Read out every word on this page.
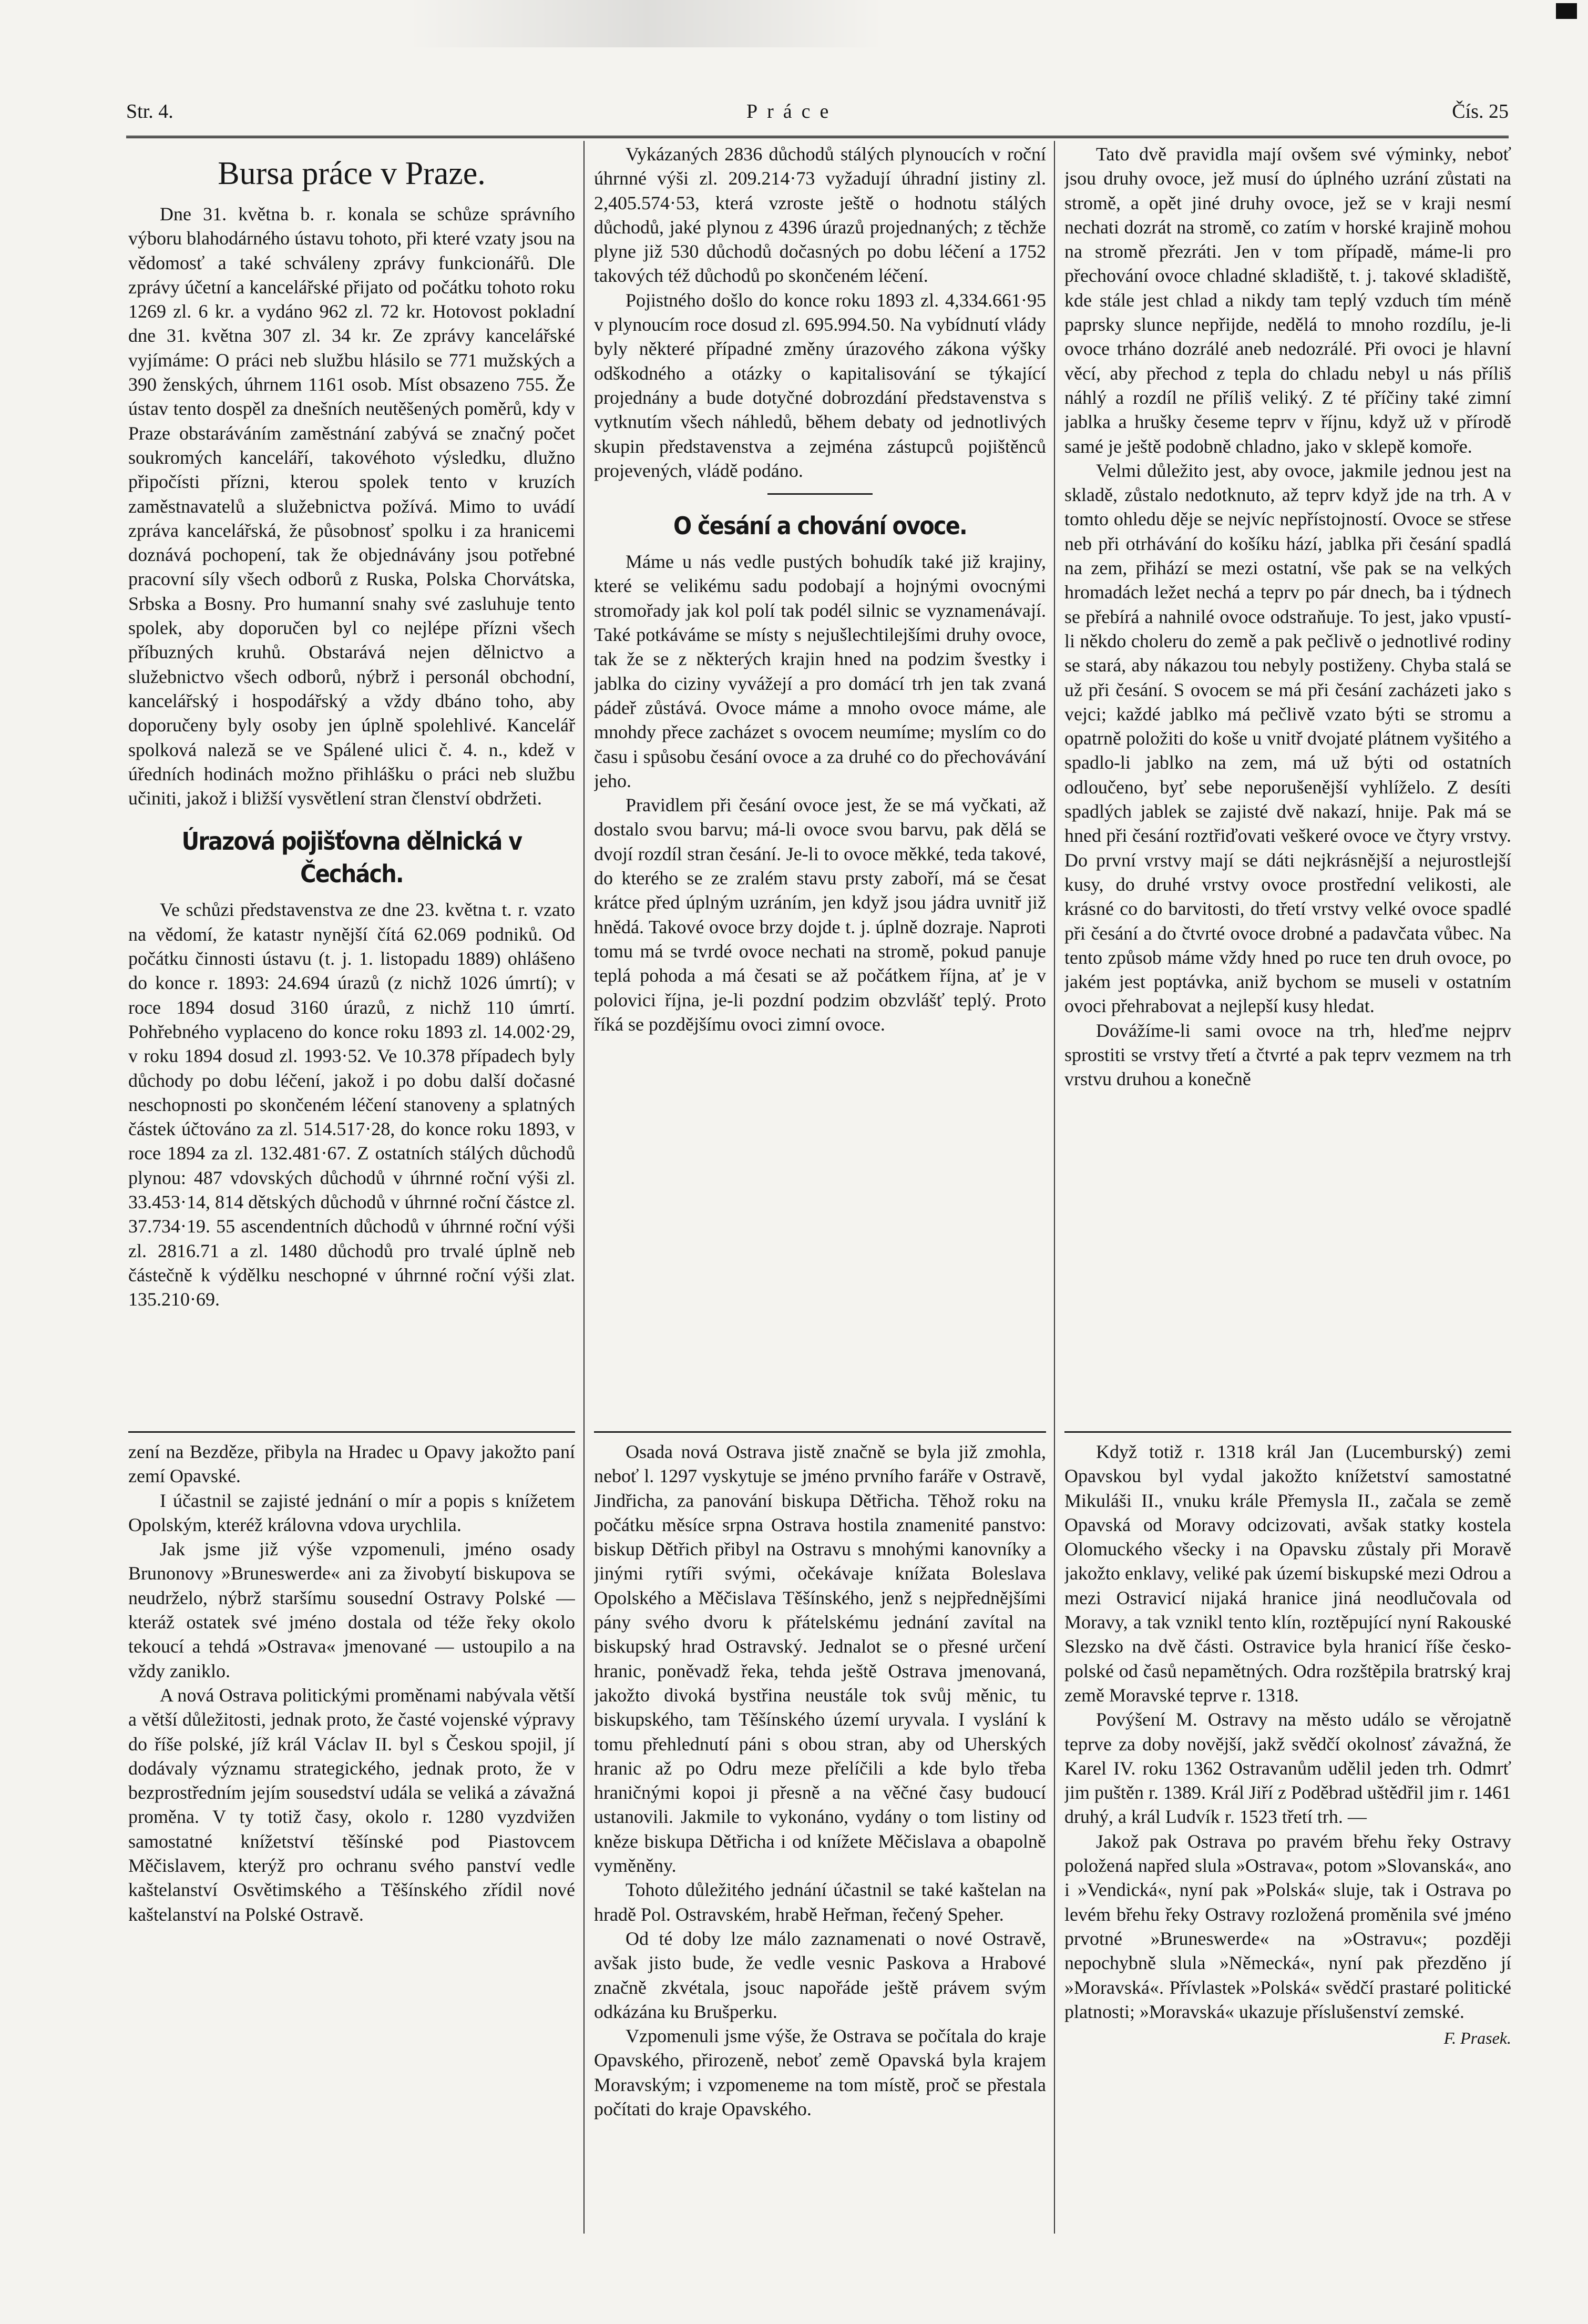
Str. 4.	Práce	Čís. 25
Bursa práce v Praze.

Dne 31. května b. r. konala se schůze správního výboru blahodárného ústavu tohoto, při které vzaty jsou na vědomosť a také schváleny zprávy funkcionářů. Dle zprávy účetní a kancelářské přijato od počátku tohoto roku 1269 zl. 6 kr. a vydáno 962 zl. 72 kr. Hotovost pokladní dne 31. května 307 zl. 34 kr. Ze zprávy kancelářské vyjímáme: O práci neb službu hlásilo se 771 mužských a 390 ženských, úhrnem 1161 osob. Míst obsazeno 755. Že ústav tento dospěl za dnešních neutěšených poměrů, kdy v Praze obstaráváním zaměstnání zabývá se značný počet soukromých kanceláří, takovéhoto výsledku, dlužno připočísti přízni, kterou spolek tento v kruzích zaměstnavatelů a služebnictva požívá. Mimo to uvádí zpráva kancelářská, že působnosť spolku i za hranicemi doznává pochopení, tak že objednávány jsou potřebné pracovní síly všech odborů z Ruska, Polska Chorvátska, Srbska a Bosny. Pro humanní snahy své zasluhuje tento spolek, aby doporučen byl co nejlépe přízni všech příbuzných kruhů. Obstarává nejen dělnictvo a služebnictvo všech odborů, nýbrž i personál obchodní, kancelářský i hospodářský a vždy dbáno toho, aby doporučeny byly osoby jen úplně spolehlivé. Kancelář spolková naleză se ve Spálené ulici č. 4. n., kdež v úředních hodinách možno přihlášku o práci neb službu učiniti, jakož i bližší vysvětlení stran členství obdržeti.

Úrazová pojišťovna dělnická v Čechách.

Ve schůzi představenstva ze dne 23. května t. r. vzato na vědomí, že katastr nynější čítá 62.069 podniků. Od počátku činnosti ústavu (t. j. 1. listopadu 1889) ohlášeno do konce r. 1893: 24.694 úrazů (z nichž 1026 úmrtí); v roce 1894 dosud 3160 úrazů, z nichž 110 úmrtí. Pohřebného vyplaceno do konce roku 1893 zl. 14.002·29, v roku 1894 dosud zl. 1993·52. Ve 10.378 případech byly důchody po dobu léčení, jakož i po dobu další dočasné neschopnosti po skončeném léčení stanoveny a splatných částek účtováno za zl. 514.517·28, do konce roku 1893, v roce 1894 za zl. 132.481·67. Z ostatních stálých důchodů plynou: 487 vdovských důchodů v úhrnné roční výši zl. 33.453·14, 814 dětských důchodů v úhrnné roční částce zl. 37.734·19. 55 ascendentních důchodů v úhrnné roční výši zl. 2816.71 a zl. 1480 důchodů pro trvalé úplně neb částečně k výdělku neschopné v úhrnné roční výši zlat. 135.210·69.

Vykázaných 2836 důchodů stálých plynoucích v roční úhrnné výši zl. 209.214·73 vyžadují úhradní jistiny zl. 2,405.574·53, která vzroste ještě o hodnotu stálých důchodů, jaké plynou z 4396 úrazů projednaných; z těchže plyne již 530 důchodů dočasných po dobu léčení a 1752 takových též důchodů po skončeném léčení.

Pojistného došlo do konce roku 1893 zl. 4,334.661·95 v plynoucím roce dosud zl. 695.994.50. Na vybídnutí vlády byly některé případné změny úrazového zákona výšky odškodného a otázky o kapitalisování se týkající projednány a bude dotyčné dobrozdání představenstva s vytknutím všech náhledů, během debaty od jednotlivých skupin představenstva a zejména zástupců pojištěnců projevených, vládě podáno.

O česání a chování ovoce.

Máme u nás vedle pustých bohudík také již krajiny, které se velikému sadu podobají a hojnými ovocnými stromořady jak kol polí tak podél silnic se vyznamenávají. Také potkáváme se místy s nejušlechtilejšími druhy ovoce, tak že se z některých krajin hned na podzim švestky i jablka do ciziny vyvážejí a pro domácí trh jen tak zvaná pádeř zůstává. Ovoce máme a mnoho ovoce máme, ale mnohdy přece zacházet s ovocem neumíme; myslím co do času i spůsobu česání ovoce a za druhé co do přechovávání jeho.

Pravidlem při česání ovoce jest, že se má vyčkati, až dostalo svou barvu; má-li ovoce svou barvu, pak dělá se dvojí rozdíl stran česání. Je-li to ovoce měkké, teda takové, do kterého se ze zralém stavu prsty zaboří, má se česat krátce před úplným uzráním, jen když jsou jádra uvnitř již hnědá. Takové ovoce brzy dojde t. j. úplně dozraje. Naproti tomu má se tvrdé ovoce nechati na stromě, pokud panuje teplá pohoda a má česati se až počátkem října, ať je v polovici října, je-li pozdní podzim obzvlášť teplý. Proto říká se pozdějšímu ovoci zimní ovoce.

Tato dvě pravidla mají ovšem své výminky, neboť jsou druhy ovoce, jež musí do úplného uzrání zůstati na stromě, a opět jiné druhy ovoce, jež se v kraji nesmí nechati dozrát na stromě, co zatím v horské krajině mohou na stromě přezráti. Jen v tom případě, máme-li pro přechování ovoce chladné skladiště, t. j. takové skladiště, kde stále jest chlad a nikdy tam teplý vzduch tím méně paprsky slunce nepřijde, nedělá to mnoho rozdílu, je-li ovoce trháno dozrálé aneb nedozrálé. Při ovoci je hlavní věcí, aby přechod z tepla do chladu nebyl u nás příliš náhlý a rozdíl ne příliš veliký. Z té příčiny také zimní jablka a hrušky česeme teprv v říjnu, když už v přírodě samé je ještě podobně chladno, jako v sklepě komoře.

Velmi důležito jest, aby ovoce, jakmile jednou jest na skladě, zůstalo nedotknuto, až teprv když jde na trh. A v tomto ohledu děje se nejvíc nepřístojností. Ovoce se střese neb při otrhávání do košíku hází, jablka při česání spadlá na zem, přihází se mezi ostatní, vše pak se na velkých hromadách ležet nechá a teprv po pár dnech, ba i týdnech se přebírá a nahnilé ovoce odstraňuje. To jest, jako vpustí-li někdo choleru do země a pak pečlivě o jednotlivé rodiny se stará, aby nákazou tou nebyly postiženy. Chyba stalá se už při česání. S ovocem se má při česání zacházeti jako s vejci; každé jablko má pečlivě vzato býti se stromu a opatrně položiti do koše u vnitř dvojaté plátnem vyšitého a spadlo-li jablko na zem, má už býti od ostatních odloučeno, byť sebe neporušenější vyhlíželo. Z desíti spadlých jablek se zajisté dvě nakazí, hnije. Pak má se hned při česání roztřiďovati veškeré ovoce ve čtyry vrstvy. Do první vrstvy mají se dáti nejkrásnější a nejurostlejší kusy, do druhé vrstvy ovoce prostřední velikosti, ale krásné co do barvitosti, do třetí vrstvy velké ovoce spadlé při česání a do čtvrté ovoce drobné a padavčata vůbec. Na tento způsob máme vždy hned po ruce ten druh ovoce, po jakém jest poptávka, aniž bychom se museli v ostatním ovoci přehrabovat a nejlepší kusy hledat.

Dovážíme-li sami ovoce na trh, hleďme nejprv sprostiti se vrstvy třetí a čtvrté a pak teprv vezmem na trh vrstvu druhou a konečně

zení na Bezděze, přibyla na Hradec u Opavy jakožto paní zemí Opavské.

I účastnil se zajisté jednání o mír a popis s knížetem Opolským, kteréž královna vdova urychlila.

Jak jsme již výše vzpomenuli, jméno osady Brunonovy »Bruneswerde« ani za živobytí biskupova se neudrželo, nýbrž staršímu sousední Ostravy Polské — kteráž ostatek své jméno dostala od téže řeky okolo tekoucí a tehdá »Ostrava« jmenované — ustoupilo a na vždy zaniklo.

A nová Ostrava politickými proměnami nabývala větší a větší důležitosti, jednak proto, že časté vojenské výpravy do říše polské, jíž král Václav II. byl s Českou spojil, jí dodávaly významu strategického, jednak proto, že v bezprostředním jejím sousedství udála se veliká a závažná proměna. V ty totiž časy, okolo r. 1280 vyzdvižen samostatné knížetství těšínské pod Piastovcem Měčislavem, kterýž pro ochranu svého panství vedle kaštelanství Osvětimského a Těšínského zřídil nové kaštelanství na Polské Ostravě.

Osada nová Ostrava jistě značně se byla již zmohla, neboť l. 1297 vyskytuje se jméno prvního faráře v Ostravě, Jindřicha, za panování biskupa Dětřicha. Těhož roku na počátku měsíce srpna Ostrava hostila znamenité panstvo: biskup Dětřich přibyl na Ostravu s mnohými kanovníky a jinými rytíři svými, očekávaje knížata Boleslava Opolského a Měčislava Těšínského, jenž s nejpřednějšími pány svého dvoru k přátelskému jednání zavítal na biskupský hrad Ostravský. Jednalot se o přesné určení hranic, poněvadž řeka, tehda ještě Ostrava jmenovaná, jakožto divoká bystřina neustále tok svůj měnic, tu biskupského, tam Těšínského území uryvala. I vyslání k tomu přehlednutí páni s obou stran, aby od Uherských hranic až po Odru meze přelíčili a kde bylo třeba hraničnými kopoi ji přesně a na věčné časy budoucí ustanovili. Jakmile to vykonáno, vydány o tom listiny od kněze biskupa Dětřicha i od knížete Měčislava a obapolně vyměněny.

Tohoto důležitého jednání účastnil se také kaštelan na hradě Pol. Ostravském, hrabě Heřman, řečený Speher.

Od té doby lze málo zaznamenati o nové Ostravě, avšak jisto bude, že vedle vesnic Paskova a Hrabové značně zkvétala, jsouc napořáde ještě právem svým odkázána ku Brušperku.

Vzpomenuli jsme výše, že Ostrava se počítala do kraje Opavského, přirozeně, neboť země Opavská byla krajem Moravským; i vzpomeneme na tom místě, proč se přestala počítati do kraje Opavského.

Když totiž r. 1318 král Jan (Lucemburský) zemi Opavskou byl vydal jakožto knížetství samostatné Mikuláši II., vnuku krále Přemysla II., začala se země Opavská od Moravy odcizovati, avšak statky kostela Olomuckého všecky i na Opavsku zůstaly při Moravě jakožto enklavy, veliké pak území biskupské mezi Odrou a mezi Ostravicí nijaká hranice jiná neodlučovala od Moravy, a tak vznikl tento klín, roztěpující nyní Rakouské Slezsko na dvě části. Ostravice byla hranicí říše česko-polské od časů nepamětných. Odra rozštěpila bratrský kraj země Moravské teprve r. 1318.

Povýšení M. Ostravy na město událo se věrojatně teprve za doby novější, jakž svědčí okolnosť závažná, že Karel IV. roku 1362 Ostravanům udělil jeden trh. Odmrť jim puštěn r. 1389. Král Jiří z Poděbrad uštědřil jim r. 1461 druhý, a král Ludvík r. 1523 třetí trh. —

Jakož pak Ostrava po pravém břehu řeky Ostravy položená napřed slula »Ostrava«, potom »Slovanská«, ano i »Vendická«, nyní pak »Polská« sluje, tak i Ostrava po levém břehu řeky Ostravy rozložená proměnila své jméno prvotné »Bruneswerde« na »Ostravu«; později nepochybně slula »Německá«, nyní pak přezděno jí »Moravská«. Přívlastek »Polská« svědčí prastaré politické platnosti; »Moravská« ukazuje příslušenství zemské.

F. Prasek.
